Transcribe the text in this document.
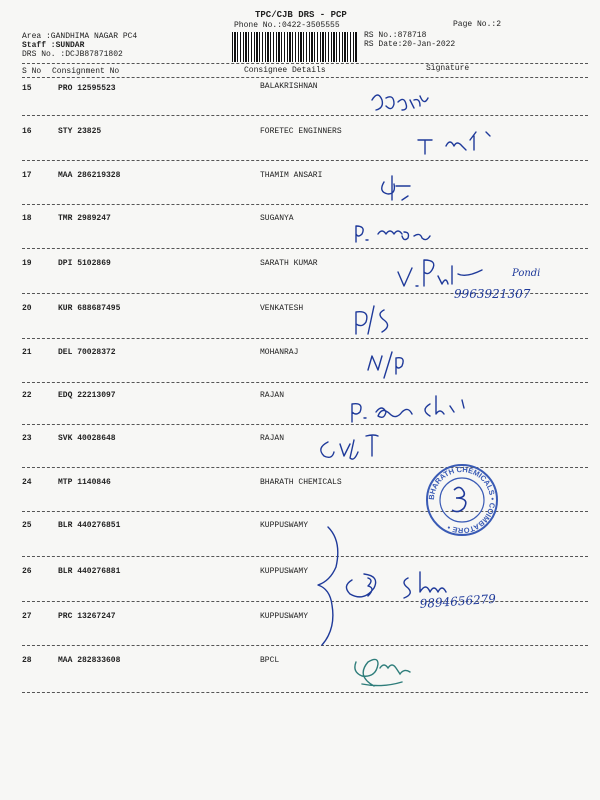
TPC/CJB DRS - PCP
Phone No.:0422-3505555	Page No.:2
Area :GANDHIMA NAGAR PC4
Staff :SUNDAR
DRS No. :DCJB87871802
RS No.:878718
RS Date:20-Jan-2022
S No Consignment No	Consignee Details	Signature
15	PRO 12595523	BALAKRISHNAN
16	STY 23825	FORETEC ENGINNERS
17	MAA 286219328	THAMIM ANSARI
18	TMR 2989247	SUGANYA
19	DPI 5102869	SARATH KUMAR
20	KUR 688687495	VENKATESH
21	DEL 70028372	MOHANRAJ
22	EDQ 22213097	RAJAN
23	SVK 40028648	RAJAN
24	MTP 1140846	BHARATH CHEMICALS
25	BLR 440276851	KUPPUSWAMY
26	BLR 440276881	KUPPUSWAMY
27	PRC 13267247	KUPPUSWAMY
28	MAA 282833608	BPCL
9963921307
Pondi
9894656279
BHARATH CHEMICALS • COIMBATORE •
